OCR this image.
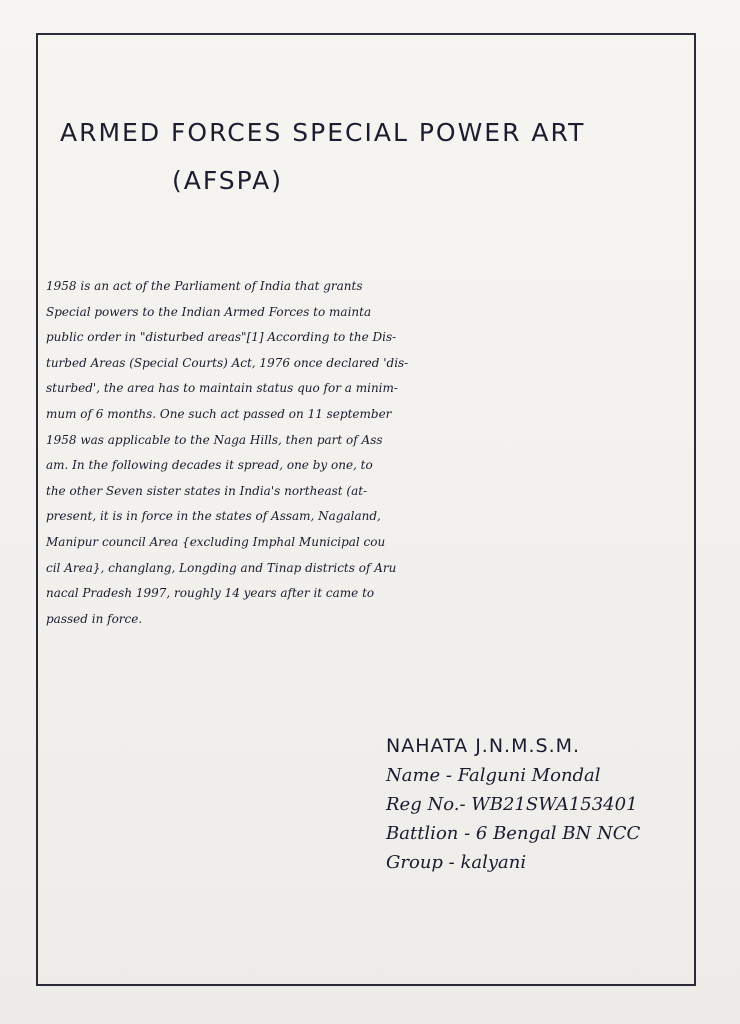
ARMED FORCES SPECIAL POWER ART
(AFSPA)
1958 is an act of the Parliament of India that grants
Special powers to the Indian Armed Forces to mainta
public order in "disturbed areas"[1] According to the Dis-
turbed Areas (Special Courts) Act, 1976 once declared 'dis-
sturbed', the area has to maintain status quo for a minim-
mum of 6 months. One such act passed on 11 september
1958 was applicable to the Naga Hills, then part of Ass
am. In the following decades it spread, one by one, to
the other Seven sister states in India's northeast (at-
present, it is in force in the states of Assam, Nagaland,
Manipur council Area {excluding Imphal Municipal cou
cil Area}, changlang, Longding and Tinap districts of Aru
nacal Pradesh 1997, roughly 14 years after it came to
passed in force.
NAHATA J.N.M.S.M.
Name - Falguni Mondal
Reg No.- WB21SWA153401
Battlion - 6 Bengal BN NCC
Group - kalyani
